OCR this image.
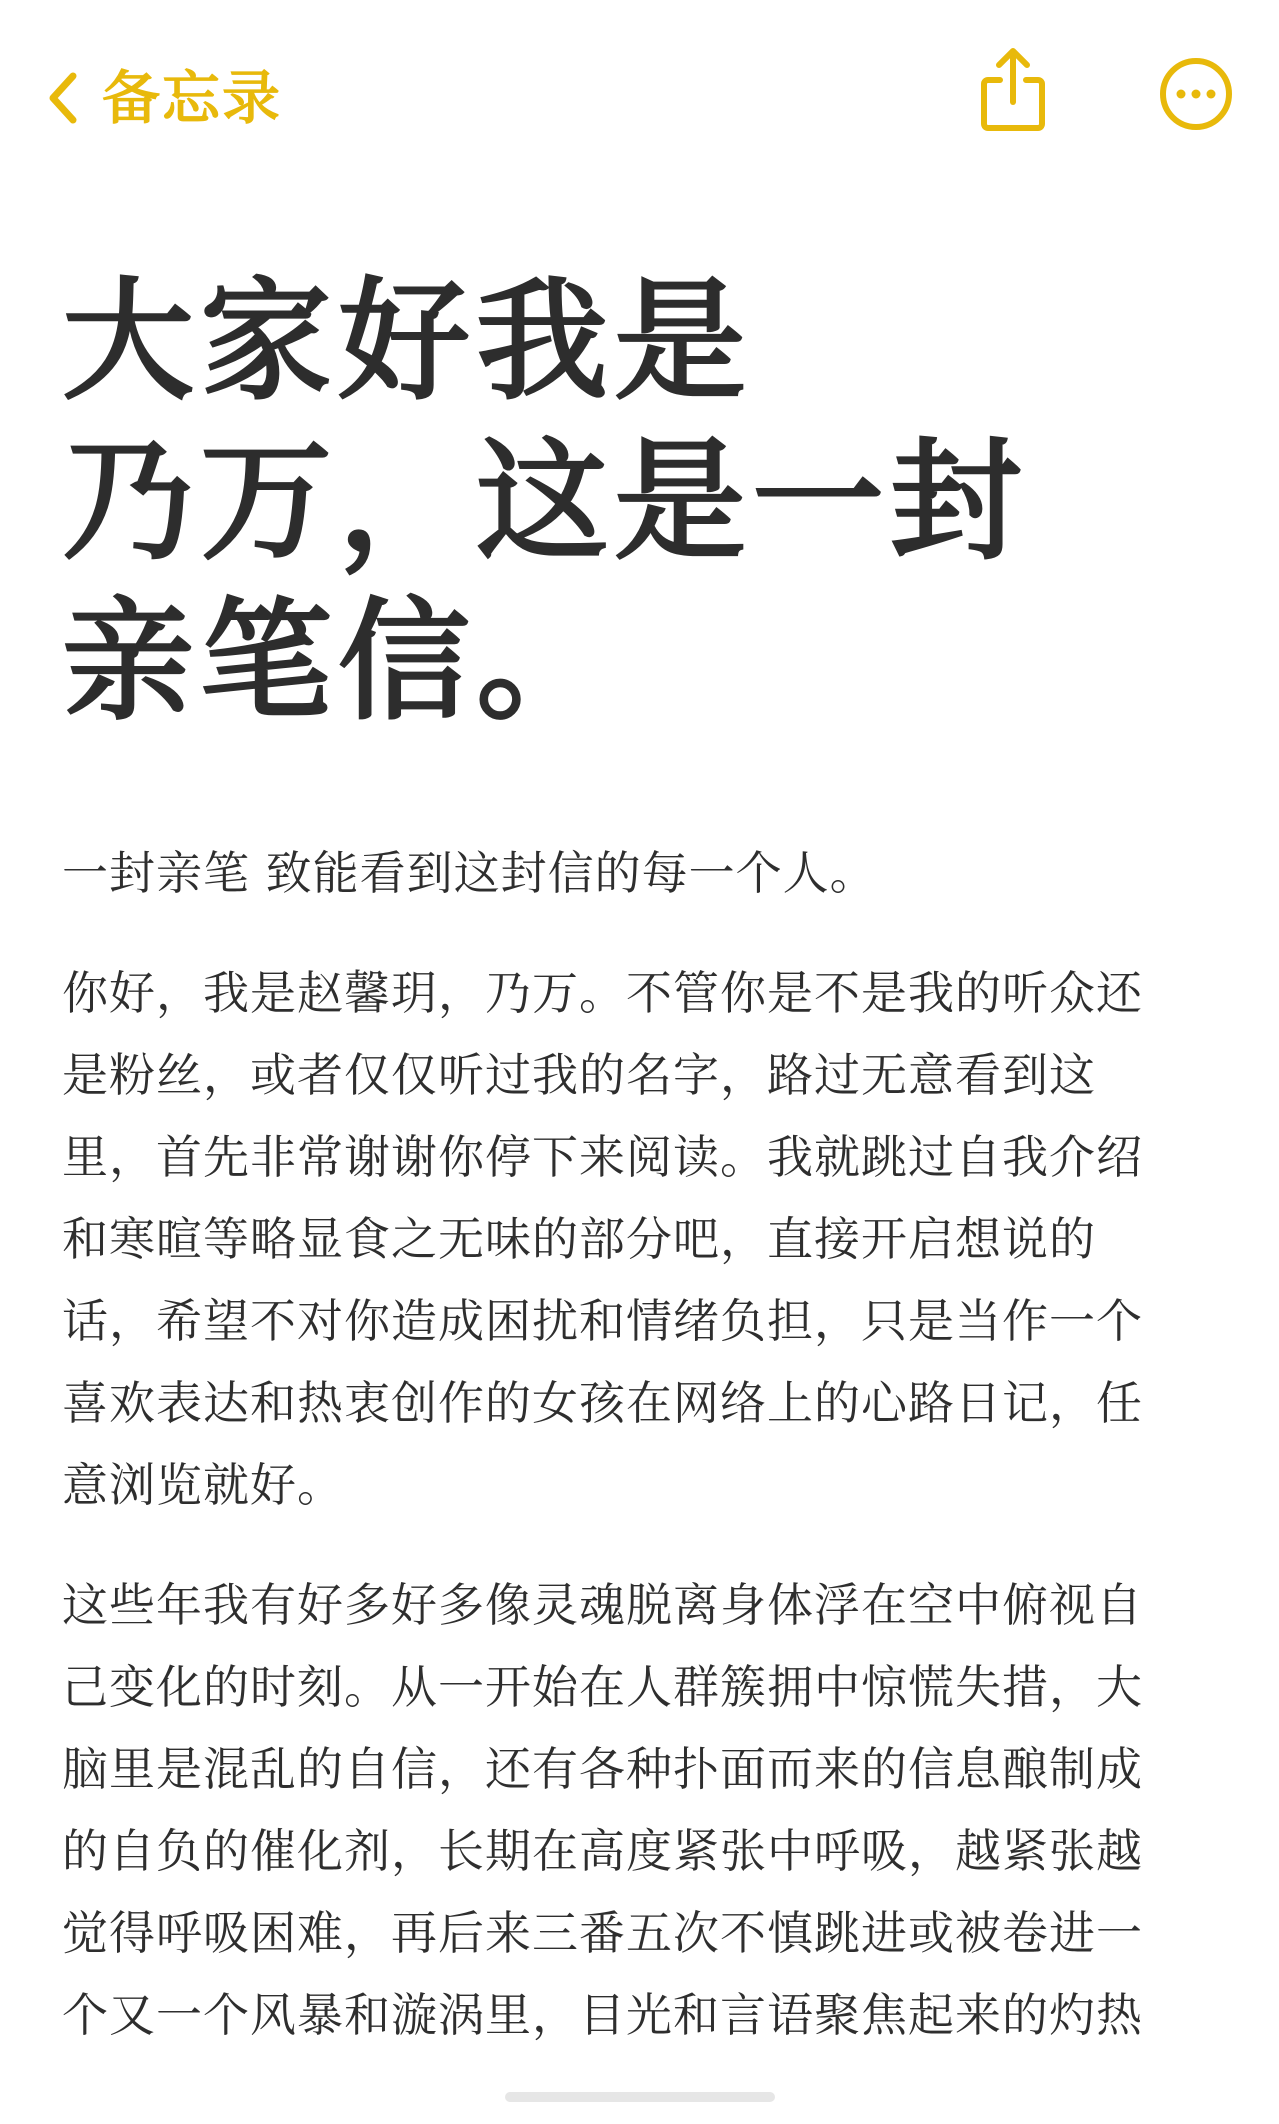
备忘录
大家好我是
乃万，这是一封
亲笔信。
一封亲笔 致能看到这封信的每一个人。
你好，我是赵馨玥，乃万。不管你是不是我的听众还
是粉丝，或者仅仅听过我的名字，路过无意看到这
里，首先非常谢谢你停下来阅读。我就跳过自我介绍
和寒暄等略显食之无味的部分吧，直接开启想说的
话，希望不对你造成困扰和情绪负担，只是当作一个
喜欢表达和热衷创作的女孩在网络上的心路日记，任
意浏览就好。
这些年我有好多好多像灵魂脱离身体浮在空中俯视自
己变化的时刻。从一开始在人群簇拥中惊慌失措，大
脑里是混乱的自信，还有各种扑面而来的信息酿制成
的自负的催化剂，长期在高度紧张中呼吸，越紧张越
觉得呼吸困难，再后来三番五次不慎跳进或被卷进一
个又一个风暴和漩涡里，目光和言语聚焦起来的灼热
